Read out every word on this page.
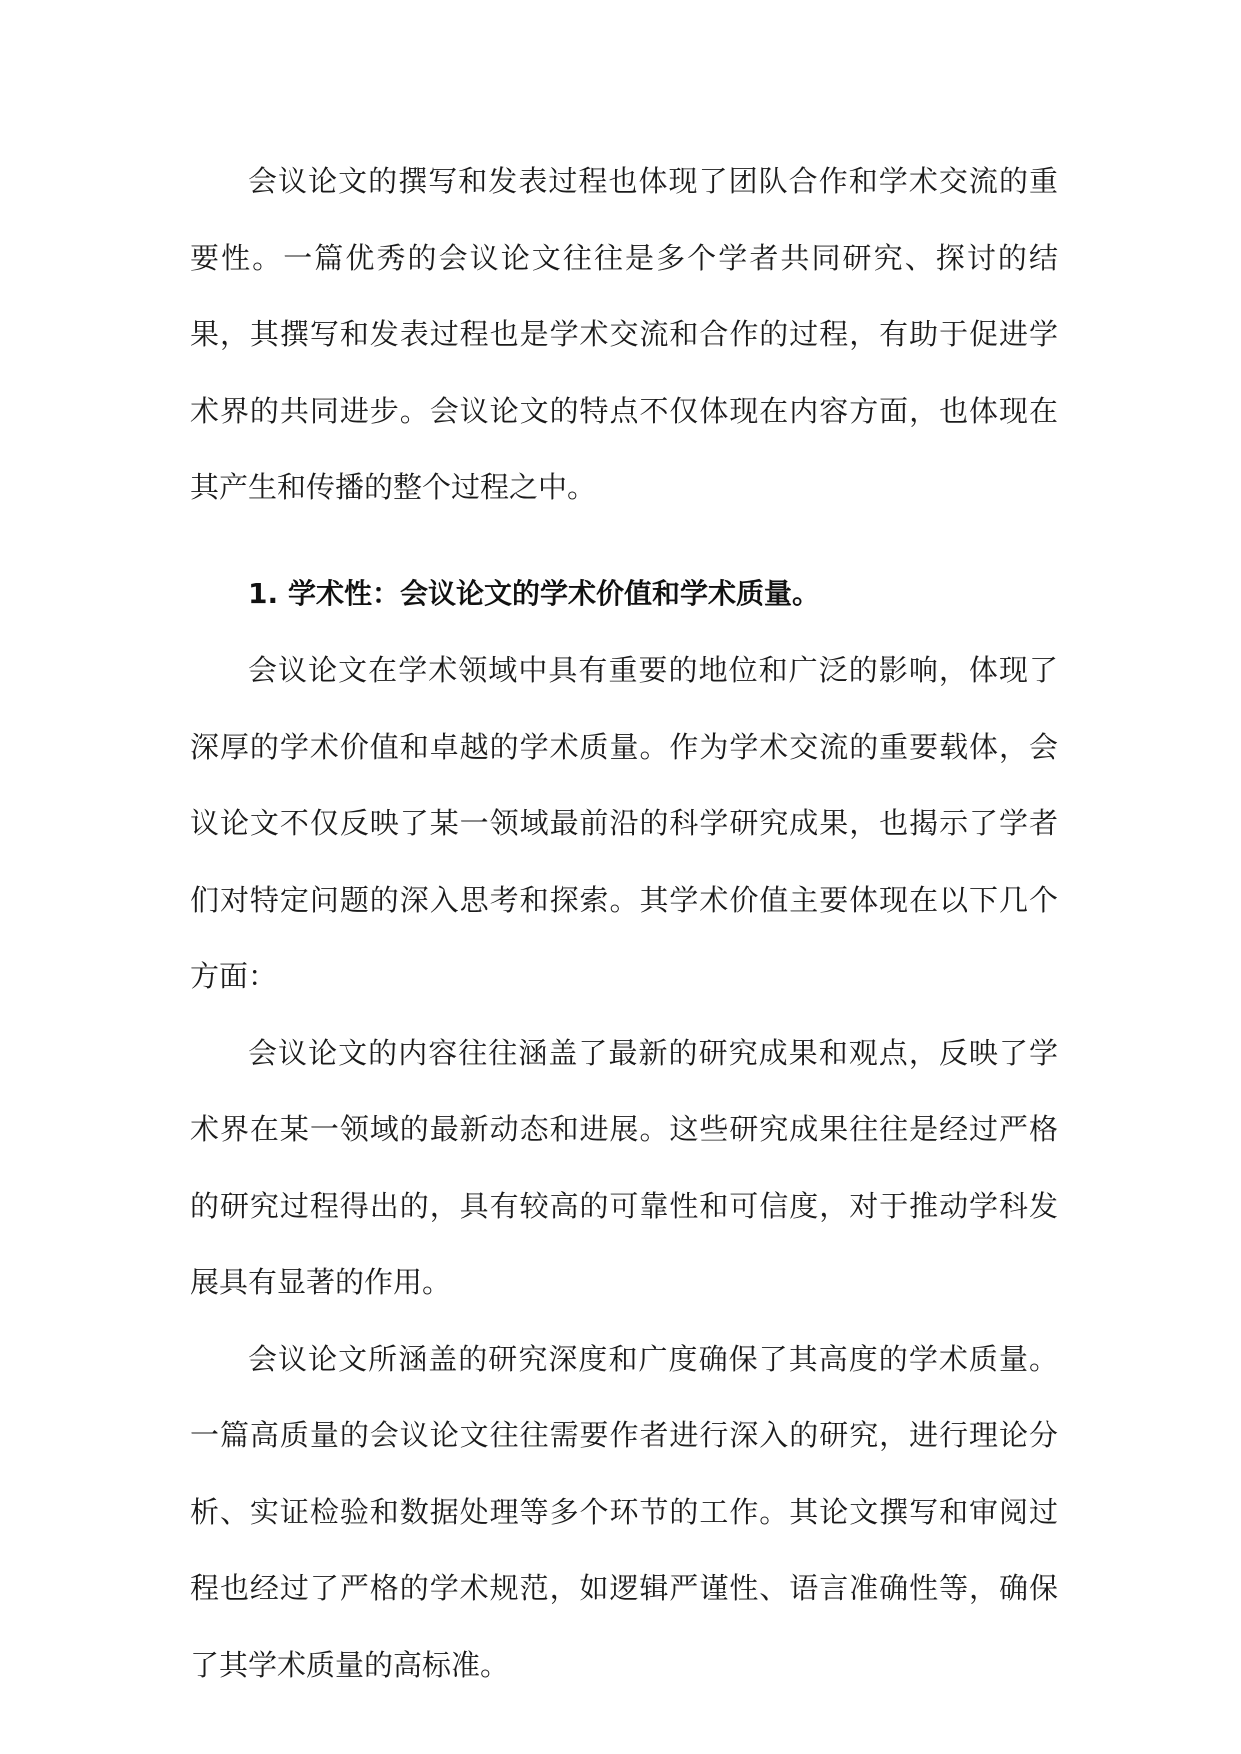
会议论文的撰写和发表过程也体现了团队合作和学术交流的重要性。一篇优秀的会议论文往往是多个学者共同研究、探讨的结果，其撰写和发表过程也是学术交流和合作的过程，有助于促进学术界的共同进步。会议论文的特点不仅体现在内容方面，也体现在其产生和传播的整个过程之中。

1. 学术性：会议论文的学术价值和学术质量。

会议论文在学术领域中具有重要的地位和广泛的影响，体现了深厚的学术价值和卓越的学术质量。作为学术交流的重要载体，会议论文不仅反映了某一领域最前沿的科学研究成果，也揭示了学者们对特定问题的深入思考和探索。其学术价值主要体现在以下几个方面：

会议论文的内容往往涵盖了最新的研究成果和观点，反映了学术界在某一领域的最新动态和进展。这些研究成果往往是经过严格的研究过程得出的，具有较高的可靠性和可信度，对于推动学科发展具有显著的作用。

会议论文所涵盖的研究深度和广度确保了其高度的学术质量。一篇高质量的会议论文往往需要作者进行深入的研究，进行理论分析、实证检验和数据处理等多个环节的工作。其论文撰写和审阅过程也经过了严格的学术规范，如逻辑严谨性、语言准确性等，确保了其学术质量的高标准。
